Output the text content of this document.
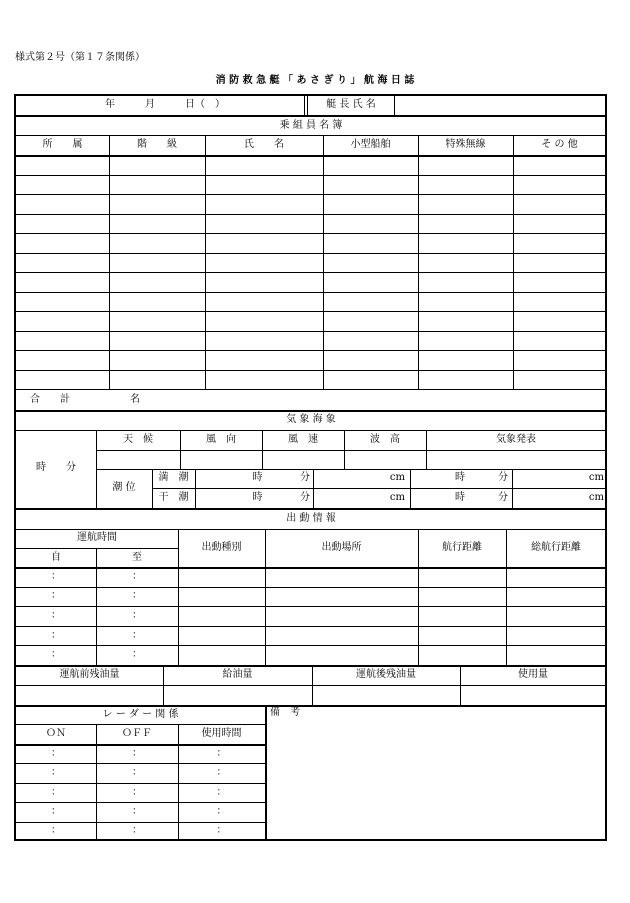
様式第２号（第１７条関係）
消 防 救 急 艇 「 あ さ ぎ り 」 航 海 日 誌
年　　　月　　　日（　）	艇 長 氏 名
乗 組 員 名 簿
所　　属	階　　級	氏　　名	小型船舶	特殊無線	そ の 他
合　　計	名
気 象 海 象
時　　分
天　候	風　向	風　速	波　高	気象発表
潮 位
満　潮	時	分	cm	時	分	cm
干　潮	時	分	cm	時	分	cm
出 動 情 報
運航時間
自	至
出動種別	出動場所	航行距離	総航行距離
：	：
：	：
：	：
：	：
：	：
運航前残油量	給油量	運航後残油量	使用量
レ ー ダ ー 関 係
ＯＮ	ＯＦＦ	使用時間
：	：	：
：	：	：
：	：	：
：	：	：
：	：	：
備　考
